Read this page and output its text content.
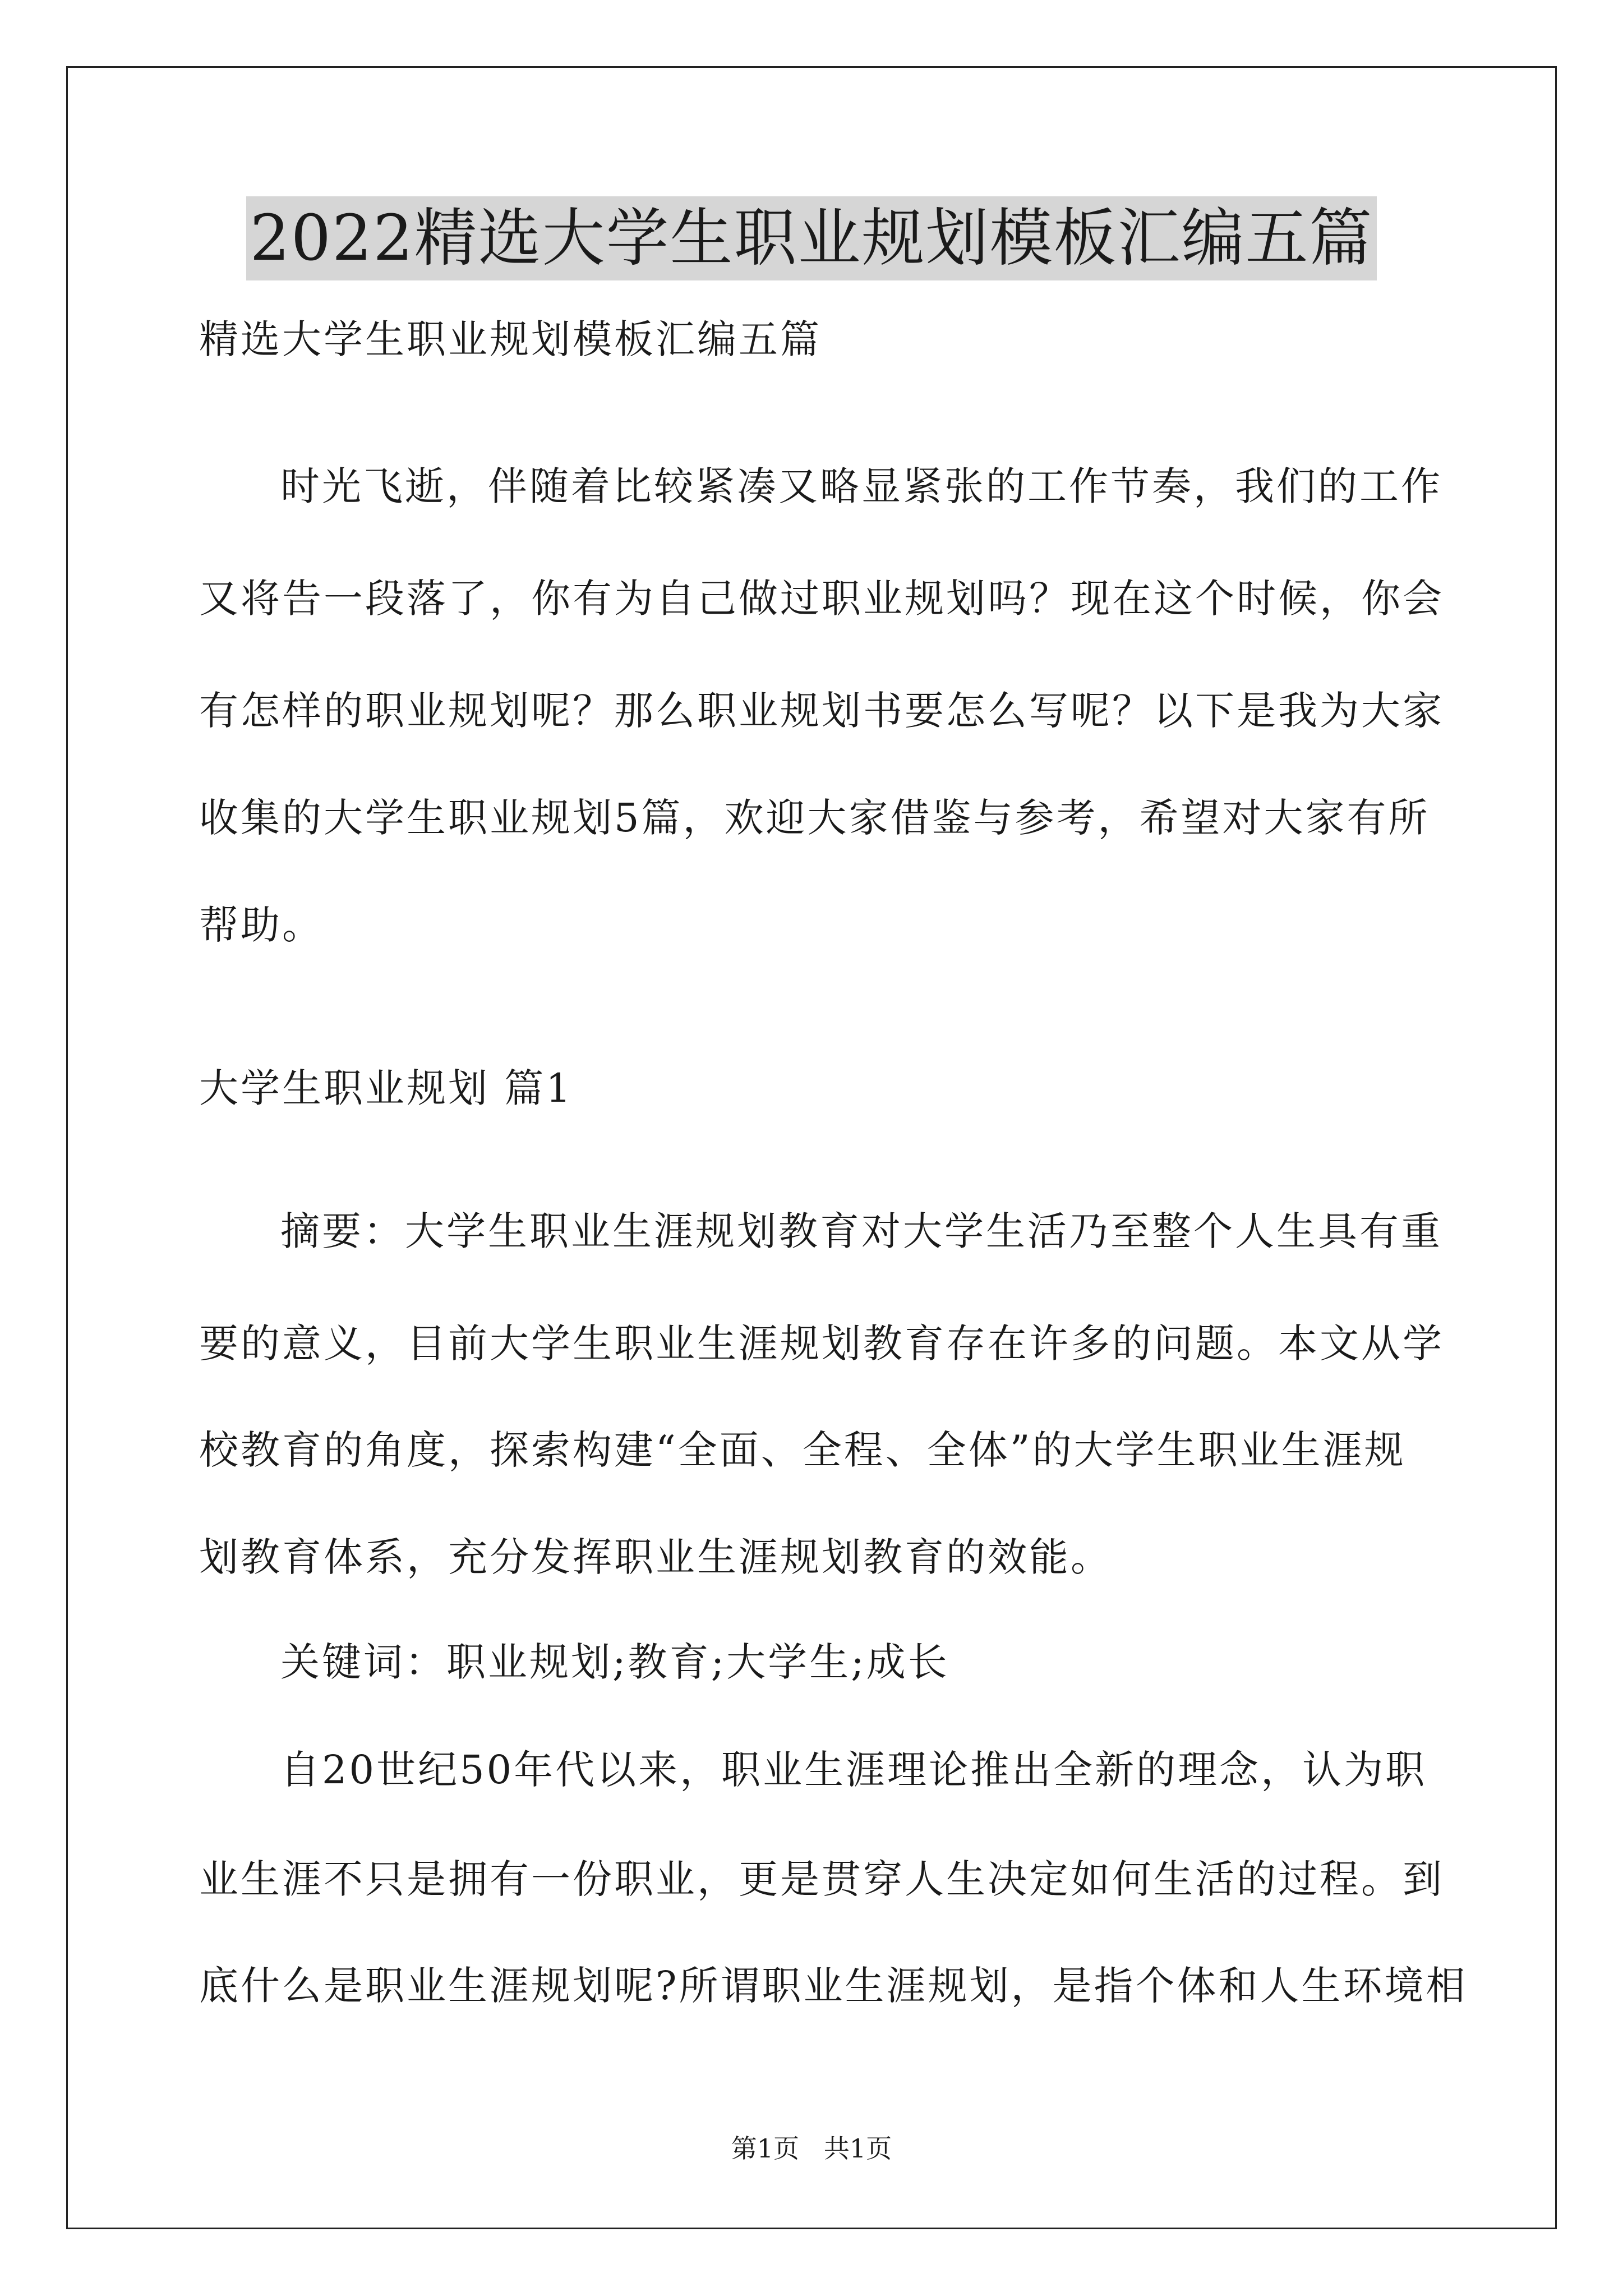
2022精选大学生职业规划模板汇编五篇
精选大学生职业规划模板汇编五篇
时光飞逝，伴随着比较紧凑又略显紧张的工作节奏，我们的工作
又将告一段落了，你有为自己做过职业规划吗？现在这个时候，你会
有怎样的职业规划呢？那么职业规划书要怎么写呢？以下是我为大家
收集的大学生职业规划5篇，欢迎大家借鉴与参考，希望对大家有所
帮助。
大学生职业规划 篇1
摘要：大学生职业生涯规划教育对大学生活乃至整个人生具有重
要的意义，目前大学生职业生涯规划教育存在许多的问题。本文从学
校教育的角度，探索构建“全面、全程、全体”的大学生职业生涯规
划教育体系，充分发挥职业生涯规划教育的效能。
关键词：职业规划;教育;大学生;成长
自20世纪50年代以来，职业生涯理论推出全新的理念，认为职
业生涯不只是拥有一份职业，更是贯穿人生决定如何生活的过程。到
底什么是职业生涯规划呢?所谓职业生涯规划，是指个体和人生环境相
第1页   共1页
